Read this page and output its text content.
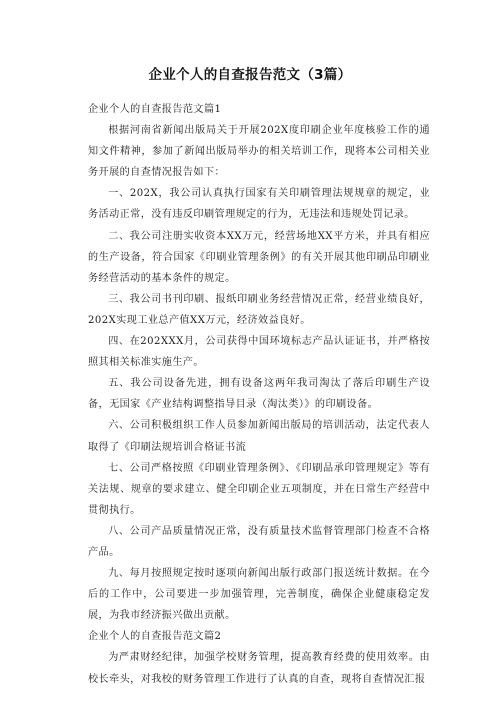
企业个人的自查报告范文（3篇）

企业个人的自查报告范文篇1

根据河南省新闻出版局关于开展202X度印刷企业年度核验工作的通知文件精神，参加了新闻出版局举办的相关培训工作，现将本公司相关业务开展的自查情况报告如下：

一、202X，我公司认真执行国家有关印刷管理法规规章的规定，业务活动正常，没有违反印刷管理规定的行为，无违法和违规处罚记录。

二、我公司注册实收资本XX万元，经营场地XX平方米，并具有相应的生产设备，符合国家《印刷业管理条例》的有关开展其他印刷品印刷业务经营活动的基本条件的规定。

三、我公司书刊印刷、报纸印刷业务经营情况正常，经营业绩良好，202X实现工业总产值XX万元，经济效益良好。

四、在202XXX月，公司获得中国环境标志产品认证证书，并严格按照其相关标准实施生产。

五、我公司设备先进，拥有设备这两年我司淘汰了落后印刷生产设备，无国家《产业结构调整指导目录（淘汰类）》的印刷设备。

六、公司积极组织工作人员参加新闻出版局的培训活动，法定代表人取得了《印刷法规培训合格证书流

七、公司严格按照《印刷业管理条例》、《印刷品承印管理规定》等有关法规、规章的要求建立、健全印刷企业五项制度，并在日常生产经营中贯彻执行。

八、公司产品质量情况正常，没有质量技术监督管理部门检查不合格产品。

九、每月按照规定按时逐项向新闻出版行政部门报送统计数据。在今后的工作中，公司要进一步加强管理，完善制度，确保企业健康稳定发展，为我市经济振兴做出贡献。

企业个人的自查报告范文篇2

为严肃财经纪律，加强学校财务管理，提高教育经费的使用效率。由校长牵头，对我校的财务管理工作进行了认真的自查，现将自查情况汇报
